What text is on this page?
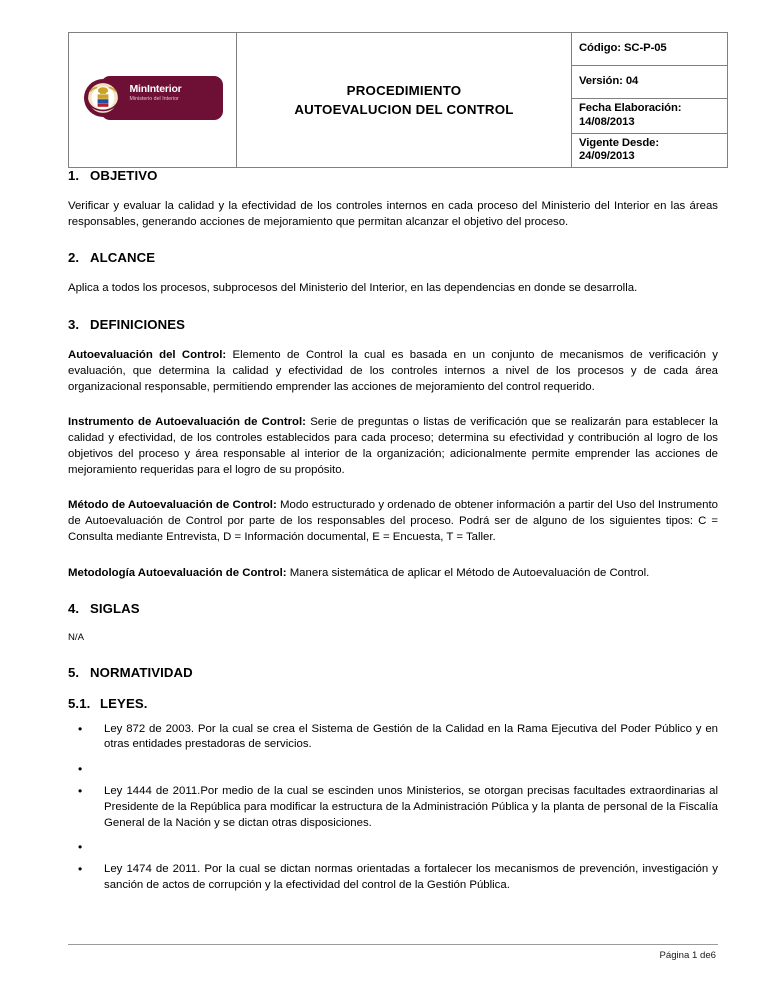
MinInterior
Ministerio del Interior

PROCEDIMIENTO
AUTOEVALUCION DEL CONTROL

Código: SC-P-05

Versión: 04

Fecha Elaboración:
14/08/2013

Vigente Desde:
24/09/2013
1. OBJETIVO

Verificar y evaluar la calidad y la efectividad de los controles internos en cada proceso del Ministerio del Interior en las áreas responsables, generando acciones de mejoramiento que permitan alcanzar el objetivo del proceso.

2. ALCANCE

Aplica a todos los procesos, subprocesos del Ministerio del Interior, en las dependencias en donde se desarrolla.

3. DEFINICIONES

Autoevaluación del Control: Elemento de Control la cual es basada en un conjunto de mecanismos de verificación y evaluación, que determina la calidad y efectividad de los controles internos a nivel de los procesos y de cada área organizacional responsable, permitiendo emprender las acciones de mejoramiento del control requerido.

Instrumento de Autoevaluación de Control: Serie de preguntas o listas de verificación que se realizarán para establecer la calidad y efectividad, de los controles establecidos para cada proceso; determina su efectividad y contribución al logro de los objetivos del proceso y área responsable al interior de la organización; adicionalmente permite emprender las acciones de mejoramiento requeridas para el logro de su propósito.

Método de Autoevaluación de Control: Modo estructurado y ordenado de obtener información a partir del Uso del Instrumento de Autoevaluación de Control por parte de los responsables del proceso. Podrá ser de alguno de los siguientes tipos: C = Consulta mediante Entrevista, D = Información documental, E = Encuesta, T = Taller.

Metodología Autoevaluación de Control: Manera sistemática de aplicar el Método de Autoevaluación de Control.

4. SIGLAS

N/A

5. NORMATIVIDAD
5.1. LEYES.
• Ley 872 de 2003. Por la cual se crea el Sistema de Gestión de la Calidad en la Rama Ejecutiva del Poder Público y en otras entidades prestadoras de servicios.
•
• Ley 1444 de 2011.Por medio de la cual se escinden unos Ministerios, se otorgan precisas facultades extraordinarias al Presidente de la República para modificar la estructura de la Administración Pública y la planta de personal de la Fiscalía General de la Nación y se dictan otras disposiciones.
•
• Ley 1474 de 2011. Por la cual se dictan normas orientadas a fortalecer los mecanismos de prevención, investigación y sanción de actos de corrupción y la efectividad del control de la Gestión Pública.
Página 1 de6
